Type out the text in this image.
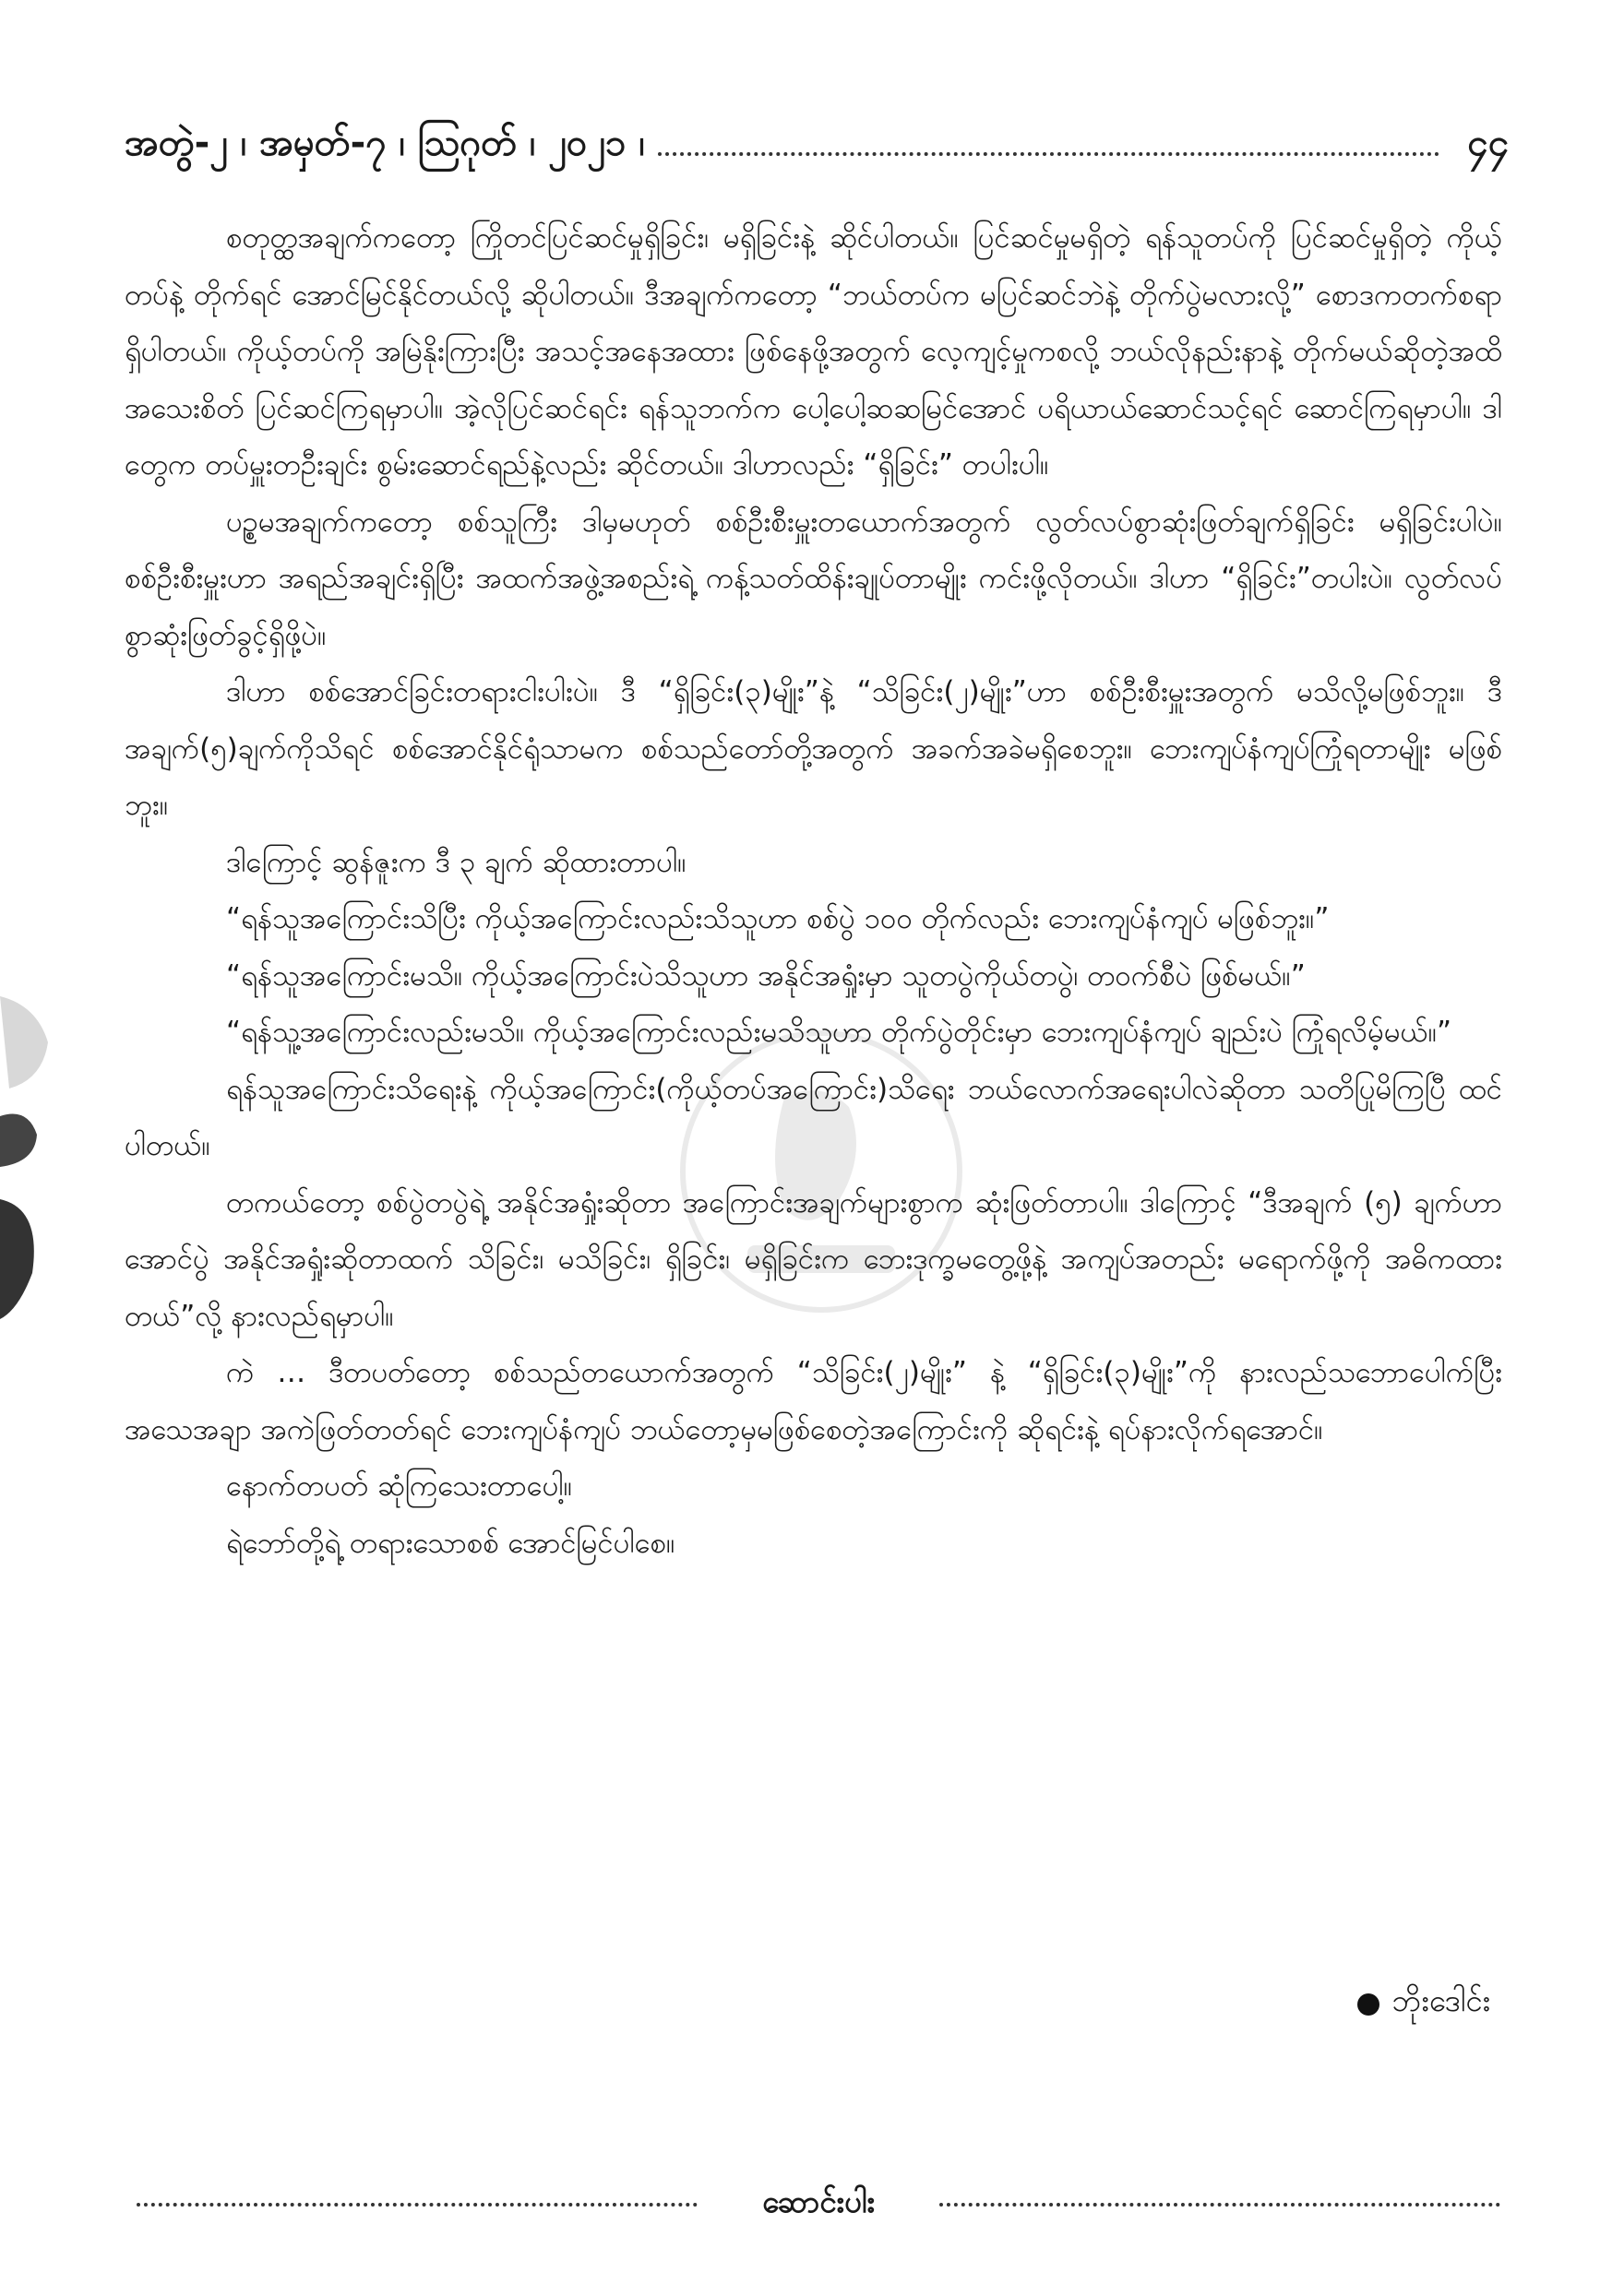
အတွဲ-၂ ၊ အမှတ်-၇ ၊ ဩဂုတ် ၊ ၂၀၂၁ ၊	၄၄

စတုတ္ထအချက်ကတော့ ကြိုတင်ပြင်ဆင်မှုရှိခြင်း၊ မရှိခြင်းနဲ့ ဆိုင်ပါတယ်။ ပြင်ဆင်မှုမရှိတဲ့ ရန်သူတပ်ကို ပြင်ဆင်မှုရှိတဲ့ ကိုယ့်တပ်နဲ့ တိုက်ရင် အောင်မြင်နိုင်တယ်လို့ ဆိုပါတယ်။ ဒီအချက်ကတော့ “ဘယ်တပ်က မပြင်ဆင်ဘဲနဲ့ တိုက်ပွဲမလားလို့” စောဒကတက်စရာ ရှိပါတယ်။ ကိုယ့်တပ်ကို အမြဲနိုးကြားပြီး အသင့်အနေအထား ဖြစ်နေဖို့အတွက် လေ့ကျင့်မှုကစလို့ ဘယ်လိုနည်းနာနဲ့ တိုက်မယ်ဆိုတဲ့အထိ အသေးစိတ် ပြင်ဆင်ကြရမှာပါ။ အဲ့လိုပြင်ဆင်ရင်း ရန်သူဘက်က ပေါ့ပေါ့ဆဆမြင်အောင် ပရိယာယ်ဆောင်သင့်ရင် ဆောင်ကြရမှာပါ။ ဒါတွေက တပ်မှူးတဦးချင်း စွမ်းဆောင်ရည်နဲ့လည်း ဆိုင်တယ်။ ဒါဟာလည်း “ရှိခြင်း” တပါးပါ။

ပဉ္စမအချက်ကတော့ စစ်သူကြီး ဒါမှမဟုတ် စစ်ဦးစီးမှူးတယောက်အတွက် လွတ်လပ်စွာဆုံးဖြတ်ချက်ရှိခြင်း မရှိခြင်းပါပဲ။ စစ်ဦးစီးမှူးဟာ အရည်အချင်းရှိပြီး အထက်အဖွဲ့အစည်းရဲ့ ကန့်သတ်ထိန်းချုပ်တာမျိုး ကင်းဖို့လိုတယ်။ ဒါဟာ “ရှိခြင်း”တပါးပဲ။ လွတ်လပ်စွာဆုံးဖြတ်ခွင့်ရှိဖို့ပဲ။

ဒါဟာ စစ်အောင်ခြင်းတရားငါးပါးပဲ။ ဒီ “ရှိခြင်း(၃)မျိုး”နဲ့ “သိခြင်း(၂)မျိုး”ဟာ စစ်ဦးစီးမှူးအတွက် မသိလို့မဖြစ်ဘူး။ ဒီအချက်(၅)ချက်ကိုသိရင် စစ်အောင်နိုင်ရုံသာမက စစ်သည်တော်တို့အတွက် အခက်အခဲမရှိစေဘူး။ ဘေးကျပ်နံကျပ်ကြုံရတာမျိုး မဖြစ်ဘူး။

ဒါကြောင့် ဆွန်ဇူးက ဒီ ၃ ချက် ဆိုထားတာပါ။

“ရန်သူအကြောင်းသိပြီး ကိုယ့်အကြောင်းလည်းသိသူဟာ စစ်ပွဲ ၁၀၀ တိုက်လည်း ဘေးကျပ်နံကျပ် မဖြစ်ဘူး။”

“ရန်သူအကြောင်းမသိ။ ကိုယ့်အကြောင်းပဲသိသူဟာ အနိုင်အရှုံးမှာ သူတပွဲကိုယ်တပွဲ၊ တဝက်စီပဲ ဖြစ်မယ်။”

“ရန်သူ့အကြောင်းလည်းမသိ။ ကိုယ့်အကြောင်းလည်းမသိသူဟာ တိုက်ပွဲတိုင်းမှာ ဘေးကျပ်နံကျပ် ချည်းပဲ ကြုံရလိမ့်မယ်။”

ရန်သူအကြောင်းသိရေးနဲ့ ကိုယ့်အကြောင်း(ကိုယ့်တပ်အကြောင်း)သိရေး ဘယ်လောက်အရေးပါလဲဆိုတာ သတိပြုမိကြပြီ ထင်ပါတယ်။

တကယ်တော့ စစ်ပွဲတပွဲရဲ့ အနိုင်အရှုံးဆိုတာ အကြောင်းအချက်များစွာက ဆုံးဖြတ်တာပါ။ ဒါကြောင့် “ဒီအချက် (၅) ချက်ဟာ အောင်ပွဲ အနိုင်အရှုံးဆိုတာထက် သိခြင်း၊ မသိခြင်း၊ ရှိခြင်း၊ မရှိခြင်းက ဘေးဒုက္ခမတွေ့ဖို့နဲ့ အကျပ်အတည်း မရောက်ဖို့ကို အဓိကထားတယ်”လို့ နားလည်ရမှာပါ။

ကဲ … ဒီတပတ်တော့ စစ်သည်တယောက်အတွက် “သိခြင်း(၂)မျိုး” နဲ့ “ရှိခြင်း(၃)မျိုး”ကို နားလည်သဘောပေါက်ပြီး အသေအချာ အကဲဖြတ်တတ်ရင် ဘေးကျပ်နံကျပ် ဘယ်တော့မှမဖြစ်စေတဲ့အကြောင်းကို ဆိုရင်းနဲ့ ရပ်နားလိုက်ရအောင်။

နောက်တပတ် ဆုံကြသေးတာပေါ့။

ရဲဘော်တို့ရဲ့ တရားသောစစ် အောင်မြင်ပါစေ။

ဘိုးဒေါင်း
ဆောင်းပါး
